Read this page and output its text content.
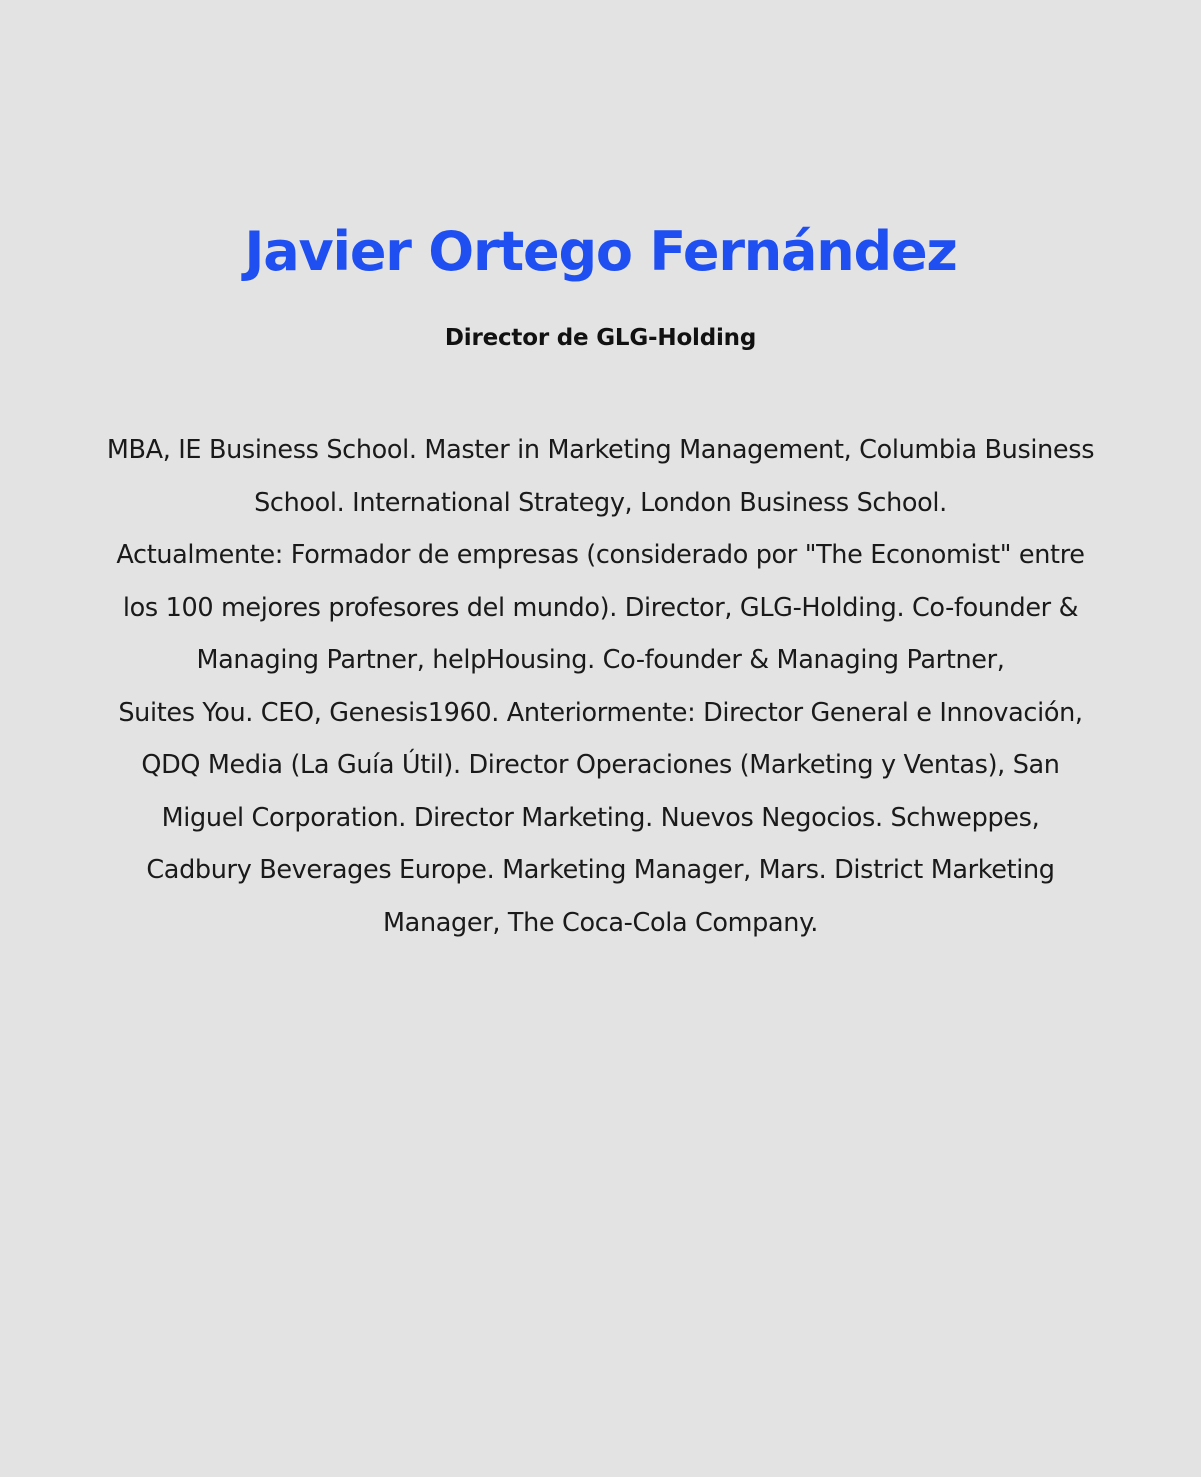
Javier Ortego Fernández
Director de GLG-Holding
MBA, IE Business School. Master in Marketing Management, Columbia Business
School. International Strategy, London Business School.
Actualmente: Formador de empresas (considerado por "The Economist" entre
los 100 mejores profesores del mundo). Director, GLG-Holding. Co-founder &
Managing Partner, helpHousing. Co-founder & Managing Partner,
Suites You. CEO, Genesis1960. Anteriormente: Director General e Innovación,
QDQ Media (La Guía Útil). Director Operaciones (Marketing y Ventas), San
Miguel Corporation. Director Marketing. Nuevos Negocios. Schweppes,
Cadbury Beverages Europe. Marketing Manager, Mars. District Marketing
Manager, The Coca-Cola Company.
